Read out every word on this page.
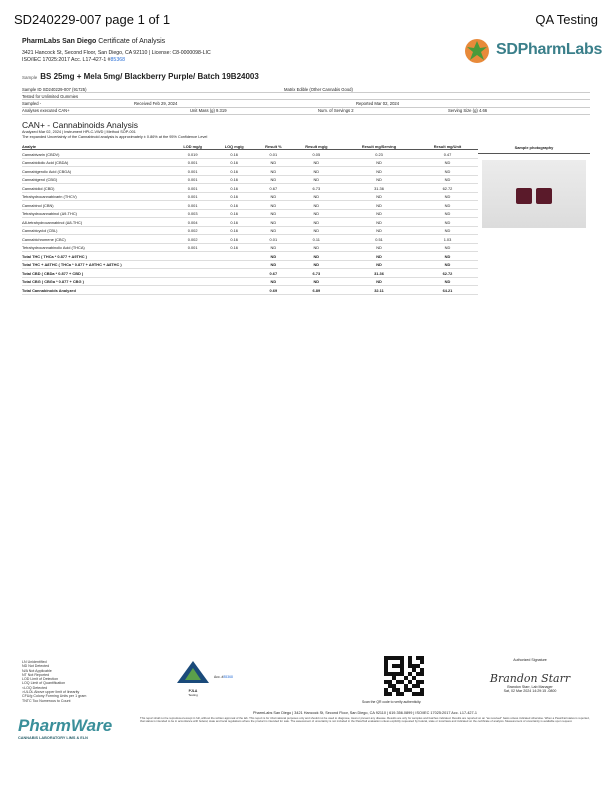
SD240229-007 page 1 of 1	QA Testing
PharmLabs San Diego Certificate of Analysis
3421 Hancock St, Second Floor, San Diego, CA 92110 | License: C8-0000098-LIC
ISO/IEC 17025:2017 Acc. L17-427-1 #85368
SDPharmLabs
Sample BS 25mg + Mela 5mg/ Blackberry Purple/ Batch 19B24003
Sample ID SD240229-007 (91725)	Matrix Edible (Other Cannabis Good)
Tested for Unlimited Gummies
Sampled -	Received Feb 29, 2024	Reported Mar 02, 2024
Analyses executed CAN+	Unit Mass (g) 9.319	Num. of Servings 2	Serving Size (g) 4.66
CAN+ - Cannabinoids Analysis
Analyzed Mar 02, 2024 | Instrument HPLC-VWD | Method SOP-001
The expanded Uncertainty of the Cannabinoid analysis is approximately ± 0.86% at the 95% Confidence Level
Analyte	LOD mg/g	LOQ mg/g	Result %	Result mg/g	Result mg/Serving	Result mg/Unit
Cannabivarin (CBDV)	0.019	0.16	0.01	0.05	0.23	0.47
Cannabidiolic Acid (CBDA)	0.001	0.16	ND	ND	ND	ND
Cannabigerolic Acid (CBGA)	0.001	0.16	ND	ND	ND	ND
Cannabigerol (CBG)	0.001	0.16	ND	ND	ND	ND
Cannabidiol (CBD)	0.001	0.16	0.67	6.73	31.36	62.72
Tetrahydrocannabivarin (THCV)	0.001	0.16	ND	ND	ND	ND
Cannabinol (CBN)	0.001	0.16	ND	ND	ND	ND
Tetrahydrocannabinol (Δ9-THC)	0.003	0.16	ND	ND	ND	ND
Δ8-tetrahydrocannabinol (Δ8-THC)	0.004	0.16	ND	ND	ND	ND
Cannabicyclol (CBL)	0.002	0.16	ND	ND	ND	ND
Cannabichromene (CBC)	0.002	0.16	0.01	0.11	0.51	1.03
Tetrahydrocannabinolic Acid (THCA)	0.001	0.16	ND	ND	ND	ND
Total THC ( THCa * 0.877 + Δ9THC )			ND	ND	ND	ND
Total THC + Δ8THC ( THCa * 0.877 + Δ9THC + Δ8THC )			ND	ND	ND	ND
Total CBD ( CBDa * 0.877 + CBD )			0.67	6.73	31.36	62.72
Total CBG ( CBGa * 0.877 + CBG )			ND	ND	ND	ND
Total Cannabinoids Analyzed			0.69	6.89	32.11	64.21
Sample photography
LN Unidentified
ND Not Detected
N/A Not Applicable
NT Not Reported
LOD Limit of Detection
LOQ Limit of Quantification
<LOQ Detected
>ULOL Above upper limit of linearity
CFU/g Colony Forming Units per 1 gram
TNTC Too Numerous to Count
PJLA
Testing
Acc. #85368
Scan the QR code to verify authenticity.
Authorized Signature
Brandon Starr
Brandon Starr, Lab Manager
Sat, 02 Mar 2024 14:29:15 -0800
PharmWare
CANNABIS LABORATORY LIMS & ELN
PharmLabs San Diego | 3421 Hancock St, Second Floor, San Diego, CA 92110 | 619.356.0899 | ISO/IEC 17025:2017 Acc. L17-427-1
This report shall not be reproduced except in full, without the written approval of the lab. This report is for informational purposes only and should not be used to diagnose, treat or prevent any disease. Results are only for samples and batches indicated. Results are reported on an "as received" basis unless indicated otherwise. When a Pass/Fail status is reported, that status is intended to be in accordance with federal, state and local regulations where the product is intended for sale. The assessment of uncertainty is not included in the Pass/Fail evaluation unless explicitly requested by federal, state or local laws and indicated on the certificate of analysis. Measurement of uncertainty is available upon request.
